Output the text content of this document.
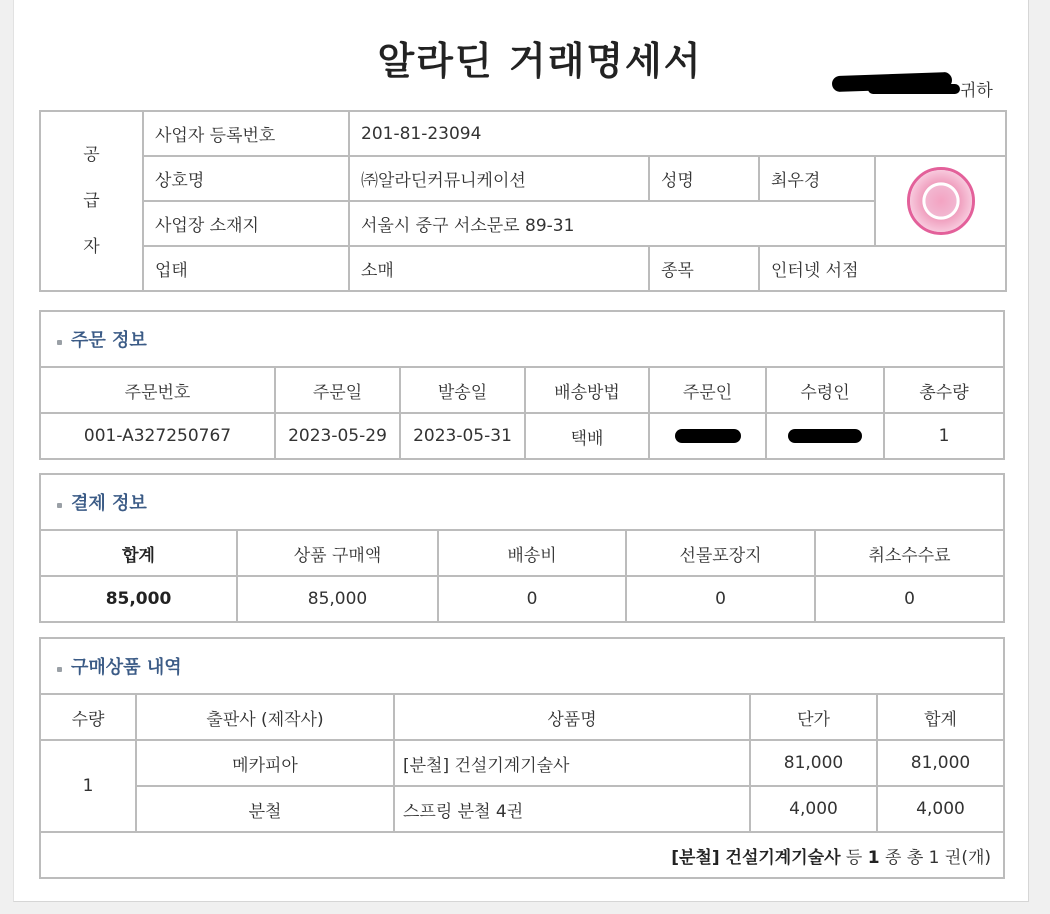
알라딘 거래명세서
귀하
공
급
자	사업자 등록번호	201-81-23094			
	상호명	㈜알라딘커뮤니케이션	성명	최우경	

	사업장 소재지	서울시 중구 서소문로 89-31			
	업태	소매	종목	인터넷 서점	
주문 정보
주문번호	주문일	발송일	배송방법	주문인	수령인	총수량
001-A327250767	2023-05-29	2023-05-31	택배			1
결제 정보
합계	상품 구매액	배송비	선물포장지	취소수수료
85,000	85,000	0	0	0
구매상품 내역
수량	출판사 (제작사)	상품명	단가	합계
1	메카피아	[분철] 건설기계기술사	81,000	81,000
	분철	스프링 분철 4권	4,000	4,000
[분철] 건설기계기술사 등 1 종 총 1 권(개)				
